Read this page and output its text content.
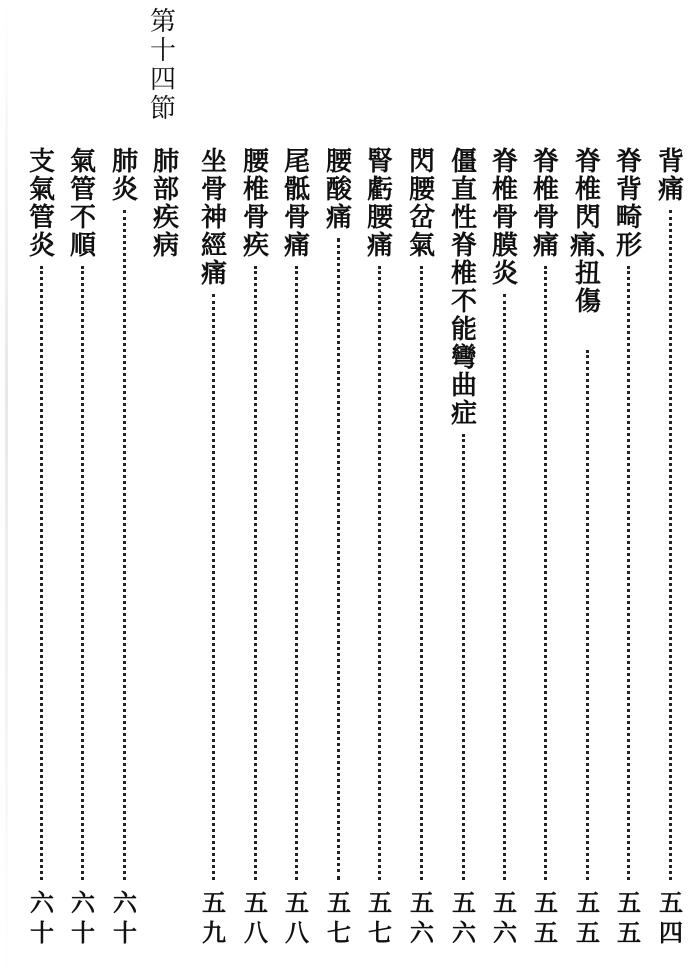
第十四節
背痛
五四
脊背畸形
五五
脊椎閃痛、扭傷
五五
脊椎骨痛
五五
脊椎骨膜炎
五六
僵直性脊椎不能彎曲症
五六
閃腰岔氣
五六
腎虧腰痛
五七
腰酸痛
五七
尾骶骨痛
五八
腰椎骨疾
五八
坐骨神經痛
五九
肺部疾病
肺炎
六十
氣管不順
六十
支氣管炎
六十
